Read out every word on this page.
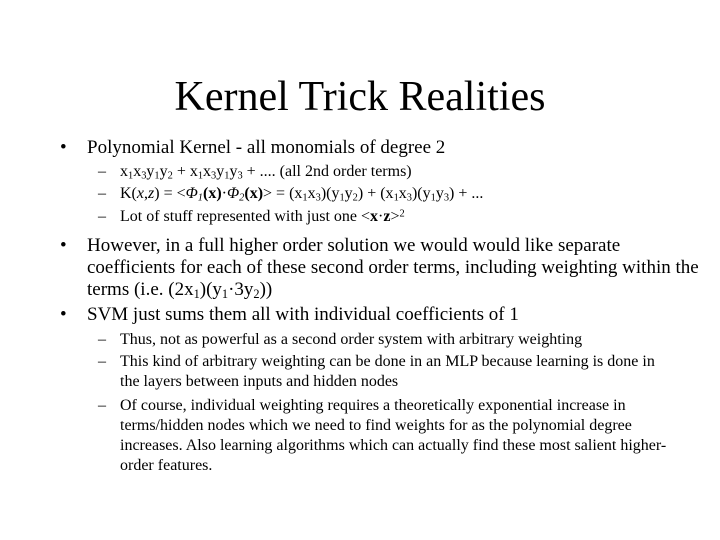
Kernel Trick Realities
• Polynomial Kernel - all monomials of degree 2
– $x_1x_3y_1y_2 + x_1x_3y_1y_3$ + .... (all 2nd order terms)
– $K(x,z) = <\Phi_1(x)\cdot\Phi_2(x)> = (x_1x_3)(y_1y_2) + (x_1x_3)(y_1y_3)$ + ...
– Lot of stuff represented with just one <x·z>$^2$
• However, in a full higher order solution we would would like separate coefficients for each of these second order terms, including weighting within the terms (i.e. $(2x_1)(y_1\cdot 3y_2)$)
• SVM just sums them all with individual coefficients of 1
– Thus, not as powerful as a second order system with arbitrary weighting
– This kind of arbitrary weighting can be done in an MLP because learning is done in the layers between inputs and hidden nodes
– Of course, individual weighting requires a theoretically exponential increase in terms/hidden nodes which we need to find weights for as the polynomial degree increases. Also learning algorithms which can actually find these most salient higher-order features.
